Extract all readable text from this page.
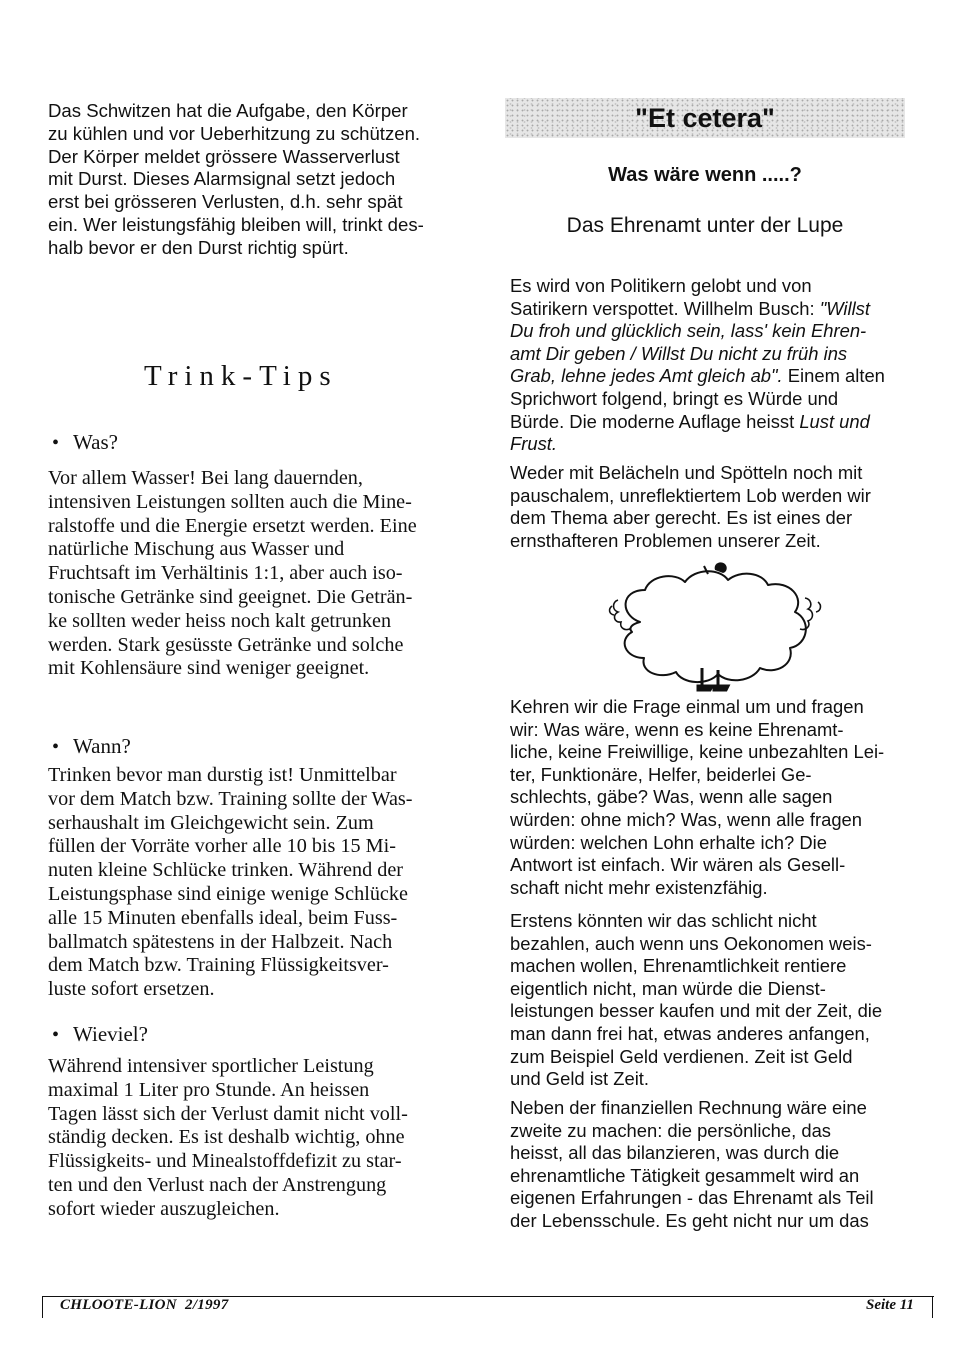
Das Schwitzen hat die Aufgabe, den Körper
zu kühlen und vor Ueberhitzung zu schützen.
Der Körper meldet grössere Wasserverlust
mit Durst. Dieses Alarmsignal setzt jedoch
erst bei grösseren Verlusten, d.h. sehr spät
ein. Wer leistungsfähig bleiben will, trinkt des-
halb bevor er den Durst richtig spürt.
Trink-Tips
• Was?
Vor allem Wasser! Bei lang dauernden,
intensiven Leistungen sollten auch die Mine-
ralstoffe und die Energie ersetzt werden. Eine
natürliche Mischung aus Wasser und
Fruchtsaft im Verhältinis 1:1, aber auch iso-
tonische Getränke sind geeignet. Die Geträn-
ke sollten weder heiss noch kalt getrunken
werden. Stark gesüsste Getränke und solche
mit Kohlensäure sind weniger geeignet.
• Wann?
Trinken bevor man durstig ist! Unmittelbar
vor dem Match bzw. Training sollte der Was-
serhaushalt im Gleichgewicht sein. Zum
füllen der Vorräte vorher alle 10 bis 15 Mi-
nuten kleine Schlücke trinken. Während der
Leistungsphase sind einige wenige Schlücke
alle 15 Minuten ebenfalls ideal, beim Fuss-
ballmatch spätestens in der Halbzeit. Nach
dem Match bzw. Training Flüssigkeitsver-
luste sofort ersetzen.
• Wieviel?
Während intensiver sportlicher Leistung
maximal 1 Liter pro Stunde. An heissen
Tagen lässt sich der Verlust damit nicht voll-
ständig decken. Es ist deshalb wichtig, ohne
Flüssigkeits- und Minealstoffdefizit zu star-
ten und den Verlust nach der Anstrengung
sofort wieder auszugleichen.
"Et cetera"
Was wäre wenn .....?
Das Ehrenamt unter der Lupe
Es wird von Politikern gelobt und von
Satirikern verspottet. Willhelm Busch: "Willst
Du froh und glücklich sein, lass' kein Ehren-
amt Dir geben / Willst Du nicht zu früh ins
Grab, lehne jedes Amt gleich ab". Einem alten
Sprichwort folgend, bringt es Würde und
Bürde. Die moderne Auflage heisst Lust und
Frust.
Weder mit Belächeln und Spötteln noch mit
pauschalem, unreflektiertem Lob werden wir
dem Thema aber gerecht. Es ist eines der
ernsthafteren Problemen unserer Zeit.
Kehren wir die Frage einmal um und fragen
wir: Was wäre, wenn es keine Ehrenamt-
liche, keine Freiwillige, keine unbezahlten Lei-
ter, Funktionäre, Helfer, beiderlei Ge-
schlechts, gäbe? Was, wenn alle sagen
würden: ohne mich? Was, wenn alle fragen
würden: welchen Lohn erhalte ich? Die
Antwort ist einfach. Wir wären als Gesell-
schaft nicht mehr existenzfähig.
Erstens könnten wir das schlicht nicht
bezahlen, auch wenn uns Oekonomen weis-
machen wollen, Ehrenamtlichkeit rentiere
eigentlich nicht, man würde die Dienst-
leistungen besser kaufen und mit der Zeit, die
man dann frei hat, etwas anderes anfangen,
zum Beispiel Geld verdienen. Zeit ist Geld
und Geld ist Zeit.
Neben der finanziellen Rechnung wäre eine
zweite zu machen: die persönliche, das
heisst, all das bilanzieren, was durch die
ehrenamtliche Tätigkeit gesammelt wird an
eigenen Erfahrungen - das Ehrenamt als Teil
der Lebensschule. Es geht nicht nur um das
CHLOOTE-LION  2/1997	Seite 11
